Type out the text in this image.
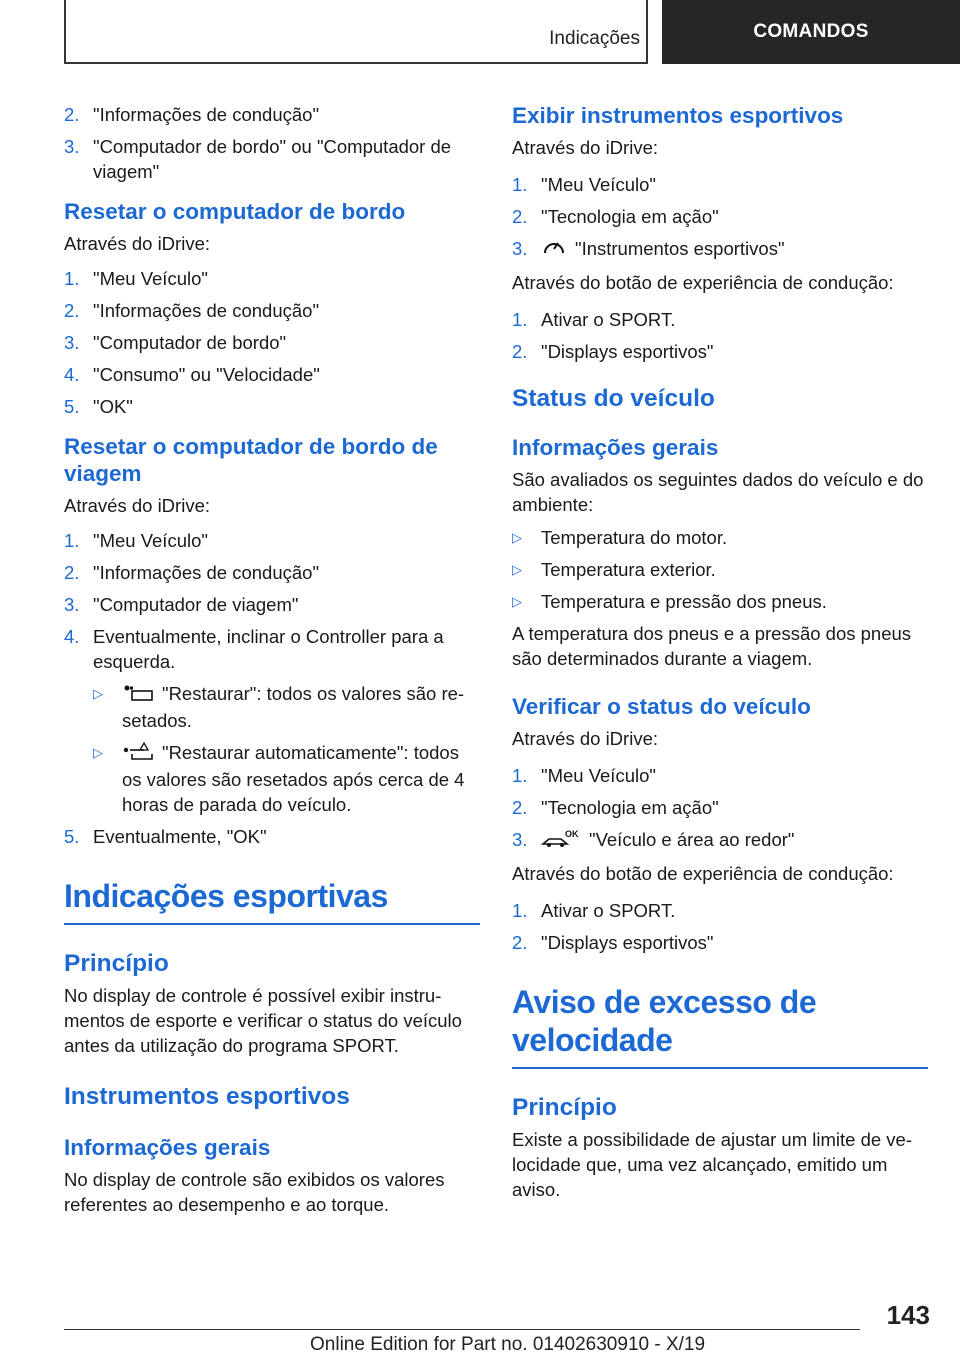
Indicações	COMANDOS
2. "Informações de condução"
3. "Computador de bordo" ou "Computador de viagem"
Resetar o computador de bordo

Através do iDrive:

1. "Meu Veículo"
2. "Informações de condução"
3. "Computador de bordo"
4. "Consumo" ou "Velocidade"
5. "OK"
Resetar o computador de bordo de viagem

Através do iDrive:

1. "Meu Veículo"
2. "Informações de condução"
3. "Computador de viagem"
4. Eventualmente, inclinar o Controller para a esquerda.
▷	"Restaurar": todos os valores são resetados.
▷	"Restaurar automaticamente": todos os valores são resetados após cerca de 4 horas de parada do veículo.
5. Eventualmente, "OK"
Indicações esportivas
Princípio

No display de controle é possível exibir instrumentos de esporte e verificar o status do veículo antes da utilização do programa SPORT.

Instrumentos esportivos
Informações gerais

No display de controle são exibidos os valores referentes ao desempenho e ao torque.

Exibir instrumentos esportivos

Através do iDrive:

1. "Meu Veículo"
2. "Tecnologia em ação"
3.	"Instrumentos esportivos"

Através do botão de experiência de condução:

1. Ativar o SPORT.
2. "Displays esportivos"
Status do veículo
Informações gerais

São avaliados os seguintes dados do veículo e do ambiente:

▷ Temperatura do motor.
▷ Temperatura exterior.
▷ Temperatura e pressão dos pneus.

A temperatura dos pneus e a pressão dos pneus são determinados durante a viagem.

Verificar o status do veículo

Através do iDrive:

1. "Meu Veículo"
2. "Tecnologia em ação"
3.	OK "Veículo e área ao redor"

Através do botão de experiência de condução:

1. Ativar o SPORT.
2. "Displays esportivos"
Aviso de excesso de velocidade
Princípio

Existe a possibilidade de ajustar um limite de velocidade que, uma vez alcançado, emitido um aviso.

143
Online Edition for Part no. 01402630910 - X/19
